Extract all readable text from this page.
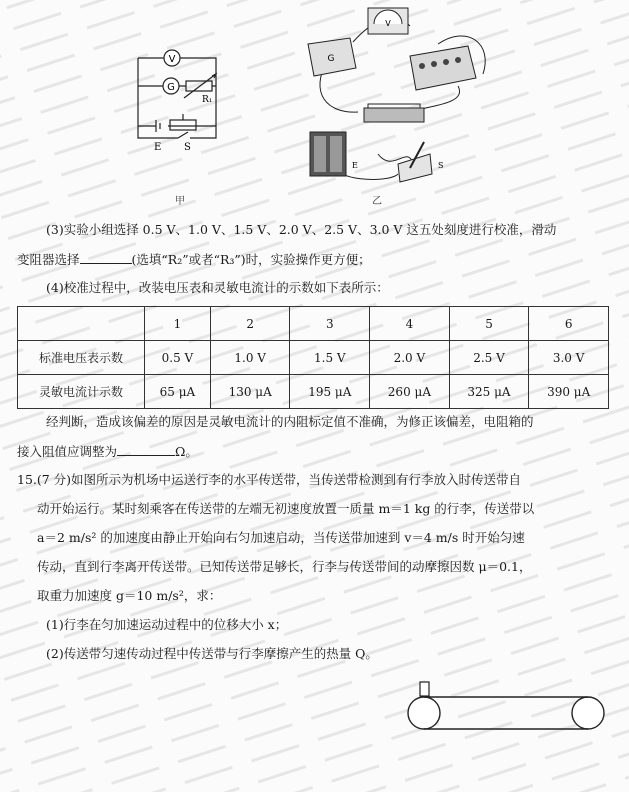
V
G
R₁
E S
甲
V
G
E	S
乙
(3)实验小组选择 0.5 V、1.0 V、1.5 V、2.0 V、2.5 V、3.0 V 这五处刻度进行校准，滑动
变阻器选择	(选填“R₂”或者“R₃”)时，实验操作更方便；
(4)校准过程中，改装电压表和灵敏电流计的示数如下表所示：
	1	2	3	4	5	6
标准电压表示数	0.5 V	1.0 V	1.5 V	2.0 V	2.5 V	3.0 V
灵敏电流计示数	65 μA	130 μA	195 μA	260 μA	325 μA	390 μA
经判断，造成该偏差的原因是灵敏电流计的内阻标定值不准确，为修正该偏差，电阻箱的
接入阻值应调整为	Ω。
15.(7 分)如图所示为机场中运送行李的水平传送带，当传送带检测到有行李放入时传送带自
动开始运行。某时刻乘客在传送带的左端无初速度放置一质量 m＝1 kg 的行李，传送带以
a＝2 m/s² 的加速度由静止开始向右匀加速启动，当传送带加速到 v＝4 m/s 时开始匀速
传动，直到行李离开传送带。已知传送带足够长，行李与传送带间的动摩擦因数 μ＝0.1，
取重力加速度 g＝10 m/s²，求：
(1)行李在匀加速运动过程中的位移大小 x；
(2)传送带匀速传动过程中传送带与行李摩擦产生的热量 Q。
